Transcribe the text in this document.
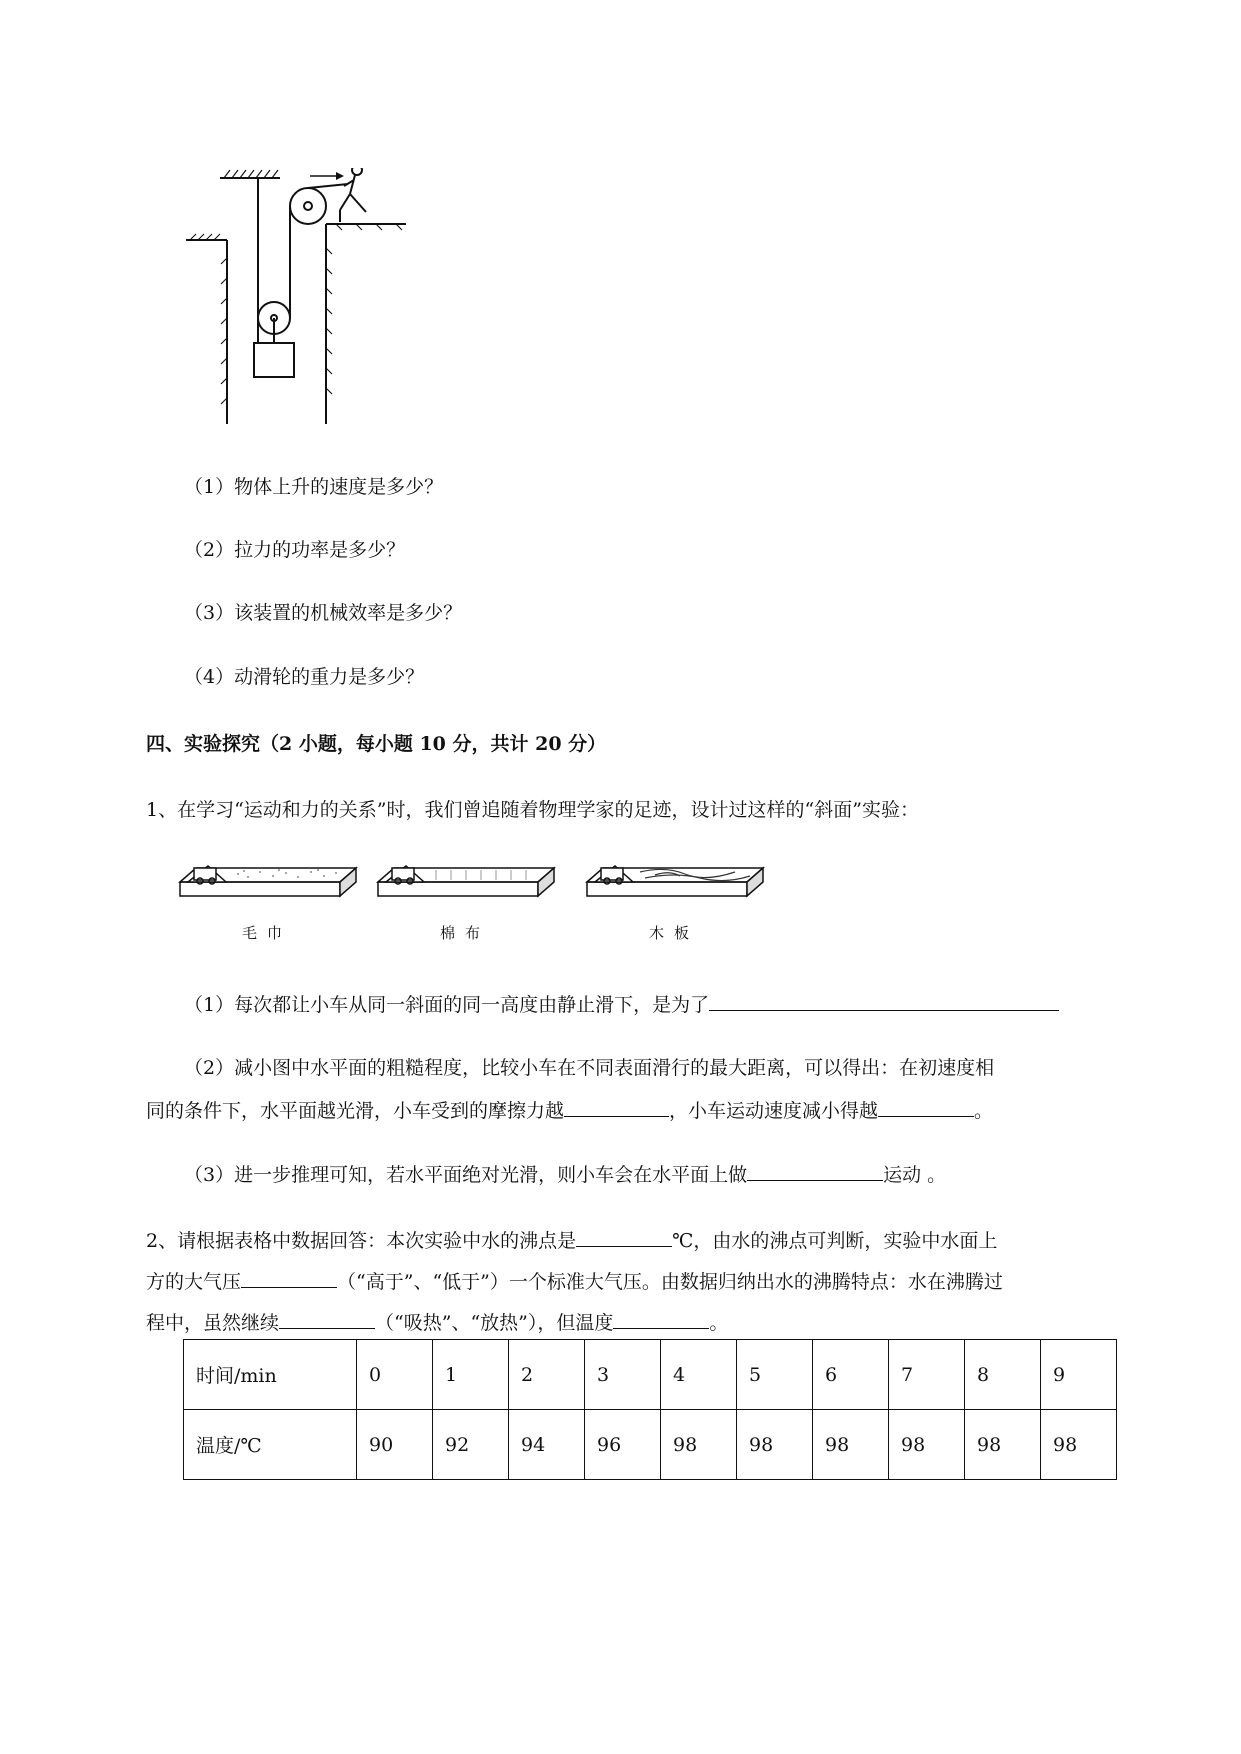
（1）物体上升的速度是多少？
（2）拉力的功率是多少？
（3）该装置的机械效率是多少？
（4）动滑轮的重力是多少？
四、实验探究（2 小题，每小题 10 分，共计 20 分）
1、在学习“运动和力的关系”时，我们曾追随着物理学家的足迹，设计过这样的“斜面”实验：
毛巾	棉布	木板
（1）每次都让小车从同一斜面的同一高度由静止滑下，是为了
（2）减小图中水平面的粗糙程度，比较小车在不同表面滑行的最大距离，可以得出：在初速度相
同的条件下，水平面越光滑，小车受到的摩擦力越	，小车运动速度减小得越	。
（3）进一步推理可知，若水平面绝对光滑，则小车会在水平面上做	运动 。
2、请根据表格中数据回答：本次实验中水的沸点是	℃，由水的沸点可判断，实验中水面上
方的大气压	（“高于”、“低于”）一个标准大气压。由数据归纳出水的沸腾特点：水在沸腾过
程中，虽然继续	（“吸热”、“放热”），但温度	。
时间/min	0	1	2	3	4	5	6	7	8	9
温度/℃	90	92	94	96	98	98	98	98	98	98
